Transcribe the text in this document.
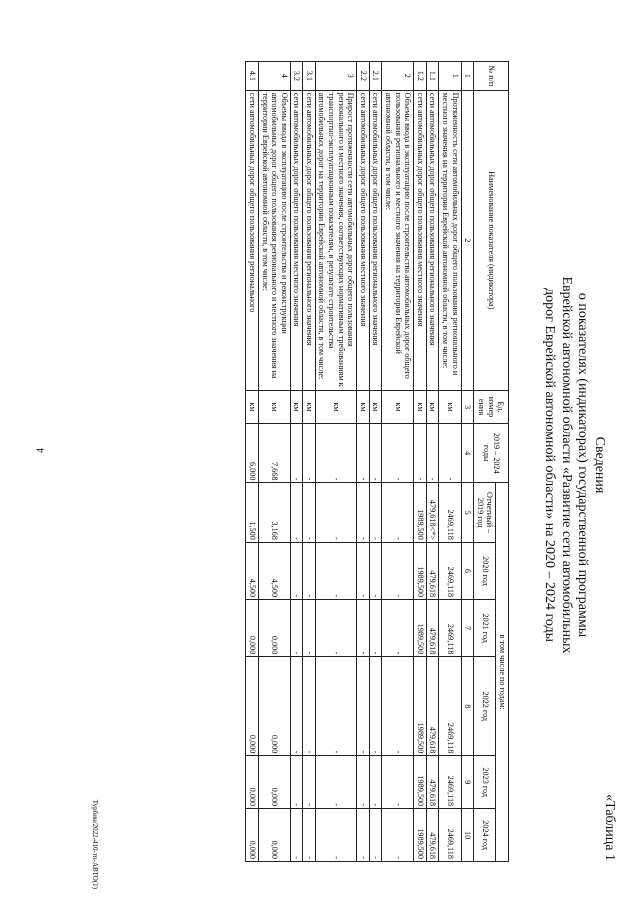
4
«Таблица 1
Сведения
о показателях (индикаторах) государственной программы
Еврейской автономной области «Развитие сети автомобильных
дорог Еврейской автономной области» на 2020 – 2024 годы
№ п/п	Наименование показателя (индикатора)	Ед. измер ения	2019 – 2024 годы	в том числе по годам:					
				Отчетный – 2019 год	2020 год	2021 год	2022 год	2023 год	2024 год

1	2	3	4	5	6	7	8	9	10
1	Протяженность сети автомобильных дорог общего пользования регионального и местного значения на территории Еврейской автономной области, в том числе:	км	-	2469,118	2469,118	2469,118	2469,118	2469,118	2469,118
1.1	сети автомобильных дорог общего пользования регионального значения	км	-	479,618<*>	479,618	479,618	479,618	479,618	479,618
1.2	сети автомобильных дорог общего пользования местного значения	км	-	1989,500	1989,500	1989,500	1989,500	1989,500	1989,500
2	Объемы ввода в эксплуатацию после строительства автомобильных дорог общего пользования регионального и местного значения на территории Еврейской автономной области, в том числе:	км	-	-	-	-	-	-	-
2.1	сети автомобильных дорог общего пользования регионального значения	км	-	-	-	-	-	-	-
2.2	сети автомобильных дорог общего пользования местного значения	км	-	-	-	-	-	-	-
3	Прирост протяженности сети автомобильных дорог общего пользования регионального и местного значения, соответствующих нормативным требованиям к транспортно-эксплуатационным показателям, в результате строительства автомобильных дорог на территории Еврейской автономной области, в том числе:	км	-	-	-	-	-	-	-
3.1	сети автомобильных дорог общего пользования регионального значения	км	-	-	-	-	-	-	-
3.2	сети автомобильных дорог общего пользования местного значения	км	-	-	-	-	-	-	-
4	Объемы ввода в эксплуатацию после строительства и реконструкции автомобильных дорог общего пользования регионального и местного значения на территории Еврейской автономной области, в том числе:	км	7,668	3,168	4,500	0,000	0,000	0,000	0,000
4.1	сети автомобильных дорог общего пользования регионального	км	6,000	1,500	4,500	0,000	0,000	0,000	0,000
Турбин/2022-410-тп-АВТО(1)
